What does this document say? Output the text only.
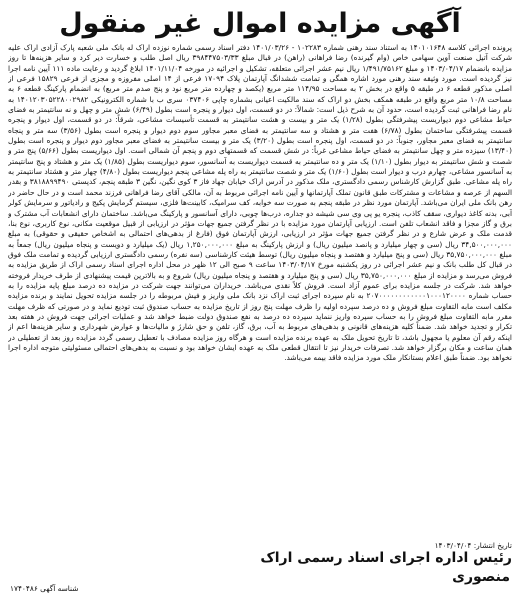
آگهی مزایده اموال غیر منقول

پرونده اجرائی کلاسه ۱۴۰۱۰۱۶۴۸ به استناد سند رهنی شماره ۱۰۲۲۸۳ - ۱۴۰۱/۰۳/۲۶ دفتر اسناد رسمی شماره نوزده اراک له بانک ملی شعبه پارک آزادی اراک علیه شرکت آتیل صنعت آوین سهامی خاص (وام گیرنده) رضا فراهانی (راهن) در قبال مبلغ ۳۹۸۴۴۷۵۰۳/۳۳ ریال اصل طلب و خسارت دیر کرد و سایر هزینه‌ها تا روز مزایده بانضمام ۱۴۰۳/۰۴/۱۷ و مبلغ ۱/۴۹۱/۷۵۱۶۲ ریال نیم عشر اجرائی متعلقه، تشکیل و اجرائیه در مورخه ۱۴۰۱/۱۱/۰۴ ابلاغ گردید و رعایت ماده ۱۱۱ آیین نامه اجرا نیز گردیده است. مورد وثیقه سند رهنی مورد اشاره همگی و تمامت ششدانگ آپارتمان پلاک ۱۷۰۹۴ فرعی از ۱۴ اصلی مفروزه و مجزی از فرعی ۱۵۸۲۹ فرعی از اصلی مذکور قطعه ۶ در طبقه ۵ واقع در بخش ۲ به مساحت ۱۱۴/۹۵ متر مربع (یکصد و چهارده متر مربع نود و پنج صدم متر مربع) به انضمام پارکینگ قطعه ۶ به مساحت ۱۰/۸ متر مربع واقع در طبقه همکف بخش دو اراک که سند مالکیت اعیانی بشماره چاپی ۰۳۷۴۰۶ سری ب با شماره الکترونیکی ۱۴۰۱۲۰۳۰۵۲۲۸۰۰۲۹۸۲ به نام رضا فراهانی ثبت گردیده است، حدود آن به شرح ذیل است: شمالاً: در دو قسمت، اول دیوار و پنجره است بطول (۶/۴۹) شش متر و چهل و نه سانتیمتر به فضای حیاط مشاعی دوم دیواریست پیشرفتگی بطول (۱/۲۸) یک متر و بیست و هشت سانتیمتر به قسمت تأسیسات مشاعی، شرقاً: در دو قسمت، اول دیوار و پنجره قسمت پیشرفتگی ساختمان بطول (۶/۷۸) هفت متر و هشتاد و سه سانتیمتر به فضای معبر مجاور سوم دوم دیوار و پنجره است بطول (۳/۵۶) سه متر و پنجاه سانتیمتر به فضای معبر مجاور، جنوباً: در دو قسمت، اول پنجره است بطول (۳/۲۰) یک متر و بیست سانتیمتر به فضای معبر مجاور دوم دیوار و پنجره است بطول (۱۳/۴۰) سیزده متر و چهل سانتیمتر به فضای حیاط مشاعی غرباً: در شش قسمت که قسمتهای دوم و پنجم آن شمالی است. اول دیواریست بطول (۵/۶۶) پنج متر و شصت و شش سانتیمتر به دیوار بطول (۱/۱۰) یک متر و ده سانتیمتر به قسمت دیواریست به آسانسور، سوم دیواریست بطول (۱/۸۵) یک متر و هشتاد و پنج سانتیمتر به آسانسور مشاعی، چهارم درب و دیوار است بطول (۱/۶۰) یک متر و شصت سانتیمتر به راه پله مشاعی پنجم دیواریست بطول (۴/۸۰) چهار متر و هشتاد سانتیمتر به راه پله مشاعی. طبق گزارش کارشناس رسمی دادگستری، ملک مذکور در آدرس اراک خیابان جهاد فاز ۳ کوی نگین، نگین ۳ طبقه پنجم، کدپستی ۳۸۱۸۸۹۹۴۹۰ و بقدر السهم از عرصه و مشاعات و مشترکات طبق قانون تملک آپارتمانها و آیین نامه اجرائی مربوط به آن، مالکی آقای رضا فراهانی فرزند محمد است و در حال حاضر در رهن بانک ملی ایران می‌باشد. آپارتمان مورد نظر در طبقه پنجم به صورت سه خوابه، کف سرامیک، کابینت‌ها فلزی، سیستم گرمایش پکیج و رادیاتور و سرمایش کولر آبی، بدنه کاغذ دیواری، سقف کاذب، پنجره یو پی وی سی شیشه دو جداره، درب‌ها چوبی، دارای آسانسور و پارکینگ می‌باشد. ساختمان دارای انشعابات آب مشترک و برق و گاز مجزا و فاقد انشعاب تلفن است. ارزیابی آپارتمان مورد مزایده با در نظر گرفتن جمیع جهات مؤثر در ارزیابی از قبیل موقعیت مکانی، نوع کاربری، نوع بنا، قدمت ملک و عرض شارع و در نظر گرفتن جمیع جهات مؤثر در ارزیابی، ارزش آپارتمان فوق (فارغ از بدهی‌های احتمالی به اشخاص حقیقی و حقوقی) به مبلغ ۳۴,۵۰۰,۰۰۰,۰۰۰ ریال (سی و چهار میلیارد و پانصد میلیون ریال) و ارزش پارکینگ به مبلغ ۱,۲۵۰,۰۰۰,۰۰۰ ریال (یک میلیارد و دویست و پنجاه میلیون ریال) جمعاً به مبلغ ۳۵,۷۵۰,۰۰۰,۰۰۰ ریال (سی و پنج میلیارد و هفتصد و پنجاه میلیون ریال) توسط هیئت کارشناسی (سه نفره) رسمی دادگستری ارزیابی گردیده و تمامت ملک فوق در قبال کل طلب بانک و نیم عشر اجرائی در روز یکشنبه مورخ ۱۴۰۳/۰۴/۱۷ ساعت ۹ صبح الی ۱۲ ظهر در محل اداره اجرای اسناد رسمی اراک از طریق مزایده به فروش می‌رسد و مزایده از مبلغ ۳۵,۷۵۰,۰۰۰,۰۰۰ ریال (سی و پنج میلیارد و هفتصد و پنجاه میلیون ریال) شروع و به بالاترین قیمت پیشنهادی از طرف خریدار فروخته خواهد شد. شرکت در جلسه مزایده برای عموم آزاد است. فروش کلاً نقدی می‌باشد. خریداران می‌توانند جهت شرکت در مزایده ده درصد مبلغ پایه مزایده را به حساب شماره ۲۰۷۰۰۰۰۰۰۰۰۰۰۰۰۱۰۰۰۱۲۰۰۰۰ به نام سپرده اجرای ثبت اراک نزد بانک ملی واریز و فیش مربوطه را در جلسه مزایده تحویل نمایند و برنده مزایده مکلف است مابه التفاوت مبلغ فروش و ده درصد سپرده اولیه را ظرف مهلت پنج روز از تاریخ مزایده به حساب صندوق ثبت تودیع نماید و در صورتی که ظرف مهلت مقرر مابه التفاوت مبلغ فروش را به حساب سپرده واریز ننماید سپرده ده درصد به نفع صندوق دولت ضبط خواهد شد و عملیات اجرائی جهت فروش در هفته بعد تکرار و تجدید خواهد شد. ضمناً کلیه هزینه‌های قانونی و بدهی‌های مربوط به آب، برق، گاز، تلفن و حق شارژ و مالیات‌ها و عوارض شهرداری و سایر هزینه‌ها اعم از اینکه رقم آن معلوم یا مجهول باشد، تا تاریخ تحویل ملک به عهده برنده مزایده است و هرگاه روز مزایده مصادف با تعطیل رسمی گردد مزایده روز بعد از تعطیلی در همان ساعت و مکان برگزار خواهد شد. تصرفات خریدار نیز تا انتقال قطعی ملک به عهده ایشان خواهد بود و نسبت به بدهی‌های احتمالی مسئولیتی متوجه اداره اجرا نخواهد بود. ضمناً طبق اعلام بستانکار ملک مورد مزایده فاقد بیمه می‌باشد.

تاریخ انتشار: ۱۴۰۳/۰۴/۰۴
رئیس اداره اجرای اسناد رسمی اراک
منصوری
شناسه آگهی ۱۷۴۰۴۸۶
